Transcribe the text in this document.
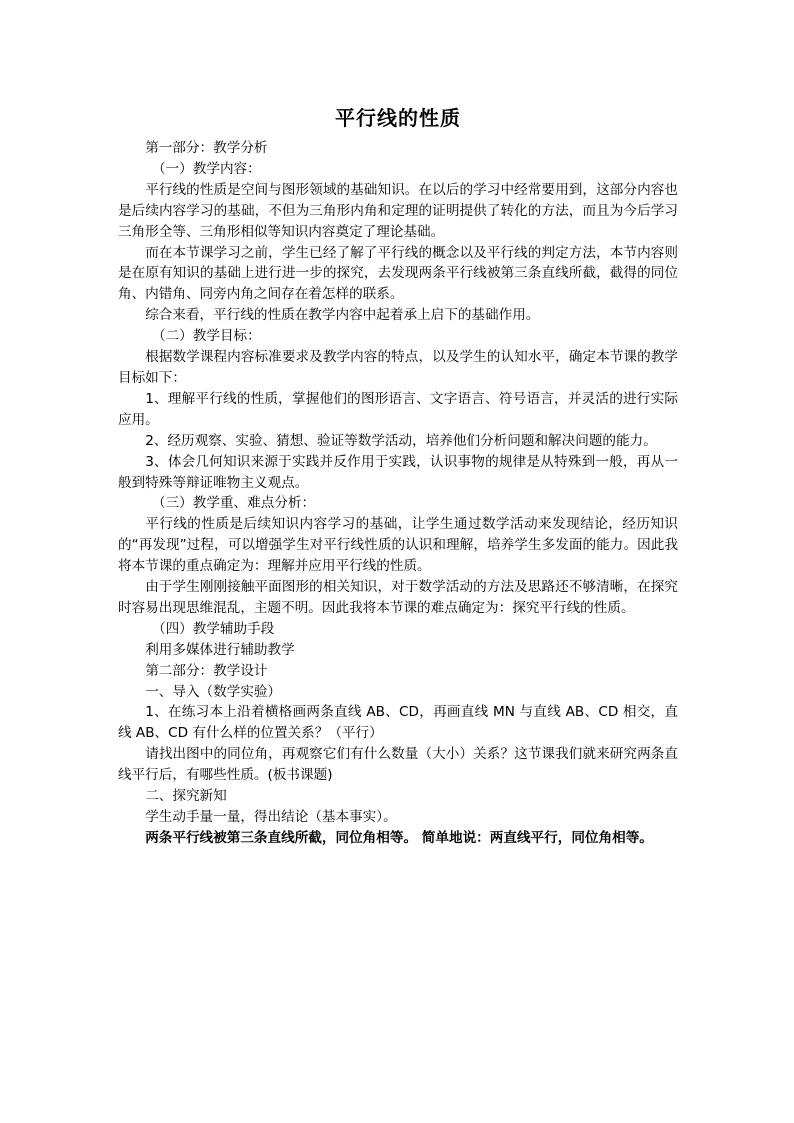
平行线的性质

第一部分：教学分析

（一）教学内容：

平行线的性质是空间与图形领域的基础知识。在以后的学习中经常要用到，这部分内容也是后续内容学习的基础，不但为三角形内角和定理的证明提供了转化的方法，而且为今后学习三角形全等、三角形相似等知识内容奠定了理论基础。

而在本节课学习之前，学生已经了解了平行线的概念以及平行线的判定方法，本节内容则是在原有知识的基础上进行进一步的探究，去发现两条平行线被第三条直线所截，截得的同位角、内错角、同旁内角之间存在着怎样的联系。

综合来看，平行线的性质在教学内容中起着承上启下的基础作用。

（二）教学目标：

根据数学课程内容标准要求及教学内容的特点，以及学生的认知水平，确定本节课的教学目标如下：

1、理解平行线的性质，掌握他们的图形语言、文字语言、符号语言，并灵活的进行实际应用。

2、经历观察、实验、猜想、验证等数学活动，培养他们分析问题和解决问题的能力。

3、体会几何知识来源于实践并反作用于实践，认识事物的规律是从特殊到一般，再从一般到特殊等辩证唯物主义观点。

（三）教学重、难点分析：

平行线的性质是后续知识内容学习的基础，让学生通过数学活动来发现结论，经历知识的“再发现”过程，可以增强学生对平行线性质的认识和理解，培养学生多发面的能力。因此我将本节课的重点确定为：理解并应用平行线的性质。

由于学生刚刚接触平面图形的相关知识，对于数学活动的方法及思路还不够清晰，在探究时容易出现思维混乱，主题不明。因此我将本节课的难点确定为：探究平行线的性质。

（四）教学辅助手段

利用多媒体进行辅助教学

第二部分：教学设计

一、导入（数学实验）

1、在练习本上沿着横格画两条直线 AB、CD，再画直线 MN 与直线 AB、CD 相交，直线 AB、CD 有什么样的位置关系？（平行）

请找出图中的同位角，再观察它们有什么数量（大小）关系？这节课我们就来研究两条直线平行后，有哪些性质。(板书课题)

二、探究新知

学生动手量一量，得出结论（基本事实）。

两条平行线被第三条直线所截，同位角相等。 简单地说：两直线平行，同位角相等。
